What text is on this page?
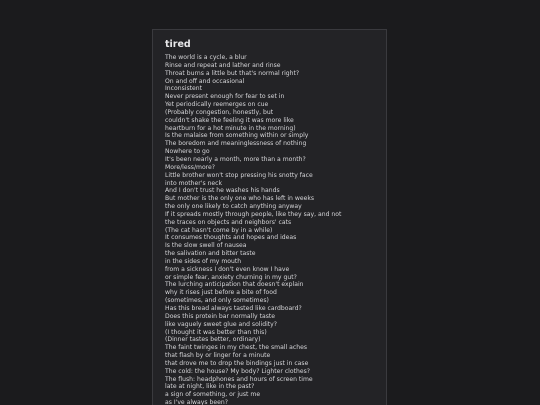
tired
The world is a cycle, a blur
Rinse and repeat and lather and rinse
Throat burns a little but that's normal right?
On and off and occasional
Inconsistent
Never present enough for fear to set in
Yet periodically reemerges on cue
(Probably congestion, honestly, but
couldn't shake the feeling it was more like
heartburn for a hot minute in the morning)
Is the malaise from something within or simply
The boredom and meaninglessness of nothing
Nowhere to go
It's been nearly a month, more than a month?
More/less/more?
Little brother won't stop pressing his snotty face
into mother's neck
And I don't trust he washes his hands
But mother is the only one who has left in weeks
the only one likely to catch anything anyway
If it spreads mostly through people, like they say, and not
the traces on objects and neighbors' cats
(The cat hasn't come by in a while)
It consumes thoughts and hopes and ideas
Is the slow swell of nausea
the salivation and bitter taste
in the sides of my mouth
from a sickness I don't even know I have
or simple fear, anxiety churning in my gut?
The lurching anticipation that doesn't explain
why it rises just before a bite of food
(sometimes, and only sometimes)
Has this bread always tasted like cardboard?
Does this protein bar normally taste
like vaguely sweet glue and solidity?
(I thought it was better than this)
(Dinner tastes better, ordinary)
The faint twinges in my chest, the small aches
that flash by or linger for a minute
that drove me to drop the bindings just in case
The cold: the house? My body? Lighter clothes?
The flush: headphones and hours of screen time
late at night, like in the past?
a sign of something, or just me
as I've always been?
